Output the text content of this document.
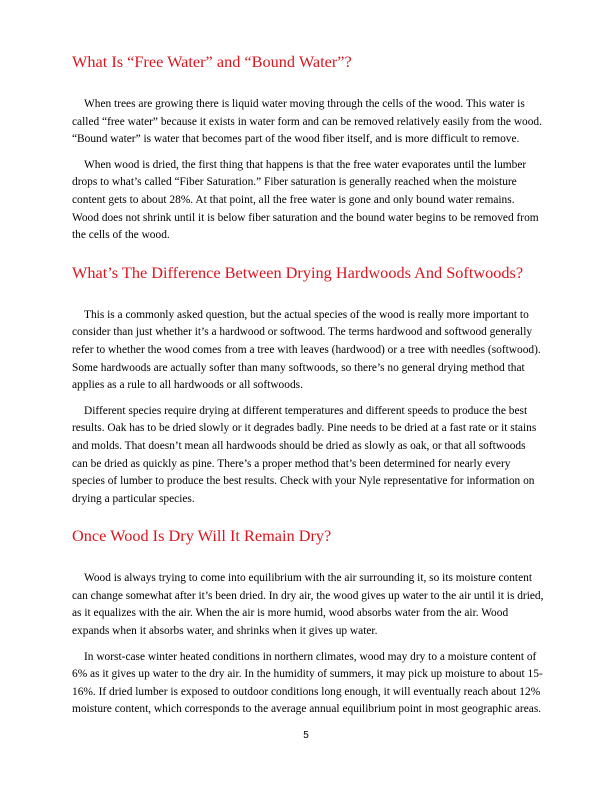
What Is “Free Water” and “Bound Water”?

When trees are growing there is liquid water moving through the cells of the wood. This water is called “free water” because it exists in water form and can be removed relatively easily from the wood. “Bound water” is water that becomes part of the wood fiber itself, and is more difficult to remove.

When wood is dried, the first thing that happens is that the free water evaporates until the lumber drops to what’s called “Fiber Saturation.” Fiber saturation is generally reached when the moisture content gets to about 28%. At that point, all the free water is gone and only bound water remains. Wood does not shrink until it is below fiber saturation and the bound water begins to be removed from the cells of the wood.

What’s The Difference Between Drying Hardwoods And Softwoods?

This is a commonly asked question, but the actual species of the wood is really more important to consider than just whether it’s a hardwood or softwood. The terms hardwood and softwood generally refer to whether the wood comes from a tree with leaves (hardwood) or a tree with needles (softwood). Some hardwoods are actually softer than many softwoods, so there’s no general drying method that applies as a rule to all hardwoods or all softwoods.

Different species require drying at different temperatures and different speeds to produce the best results. Oak has to be dried slowly or it degrades badly. Pine needs to be dried at a fast rate or it stains and molds. That doesn’t mean all hardwoods should be dried as slowly as oak, or that all softwoods can be dried as quickly as pine. There’s a proper method that’s been determined for nearly every species of lumber to produce the best results. Check with your Nyle representative for information on drying a particular species.

Once Wood Is Dry Will It Remain Dry?

Wood is always trying to come into equilibrium with the air surrounding it, so its moisture content can change somewhat after it’s been dried. In dry air, the wood gives up water to the air until it is dried, as it equalizes with the air. When the air is more humid, wood absorbs water from the air. Wood expands when it absorbs water, and shrinks when it gives up water.

In worst-case winter heated conditions in northern climates, wood may dry to a moisture content of 6% as it gives up water to the dry air. In the humidity of summers, it may pick up moisture to about 15-16%. If dried lumber is exposed to outdoor conditions long enough, it will eventually reach about 12% moisture content, which corresponds to the average annual equilibrium point in most geographic areas.

5
